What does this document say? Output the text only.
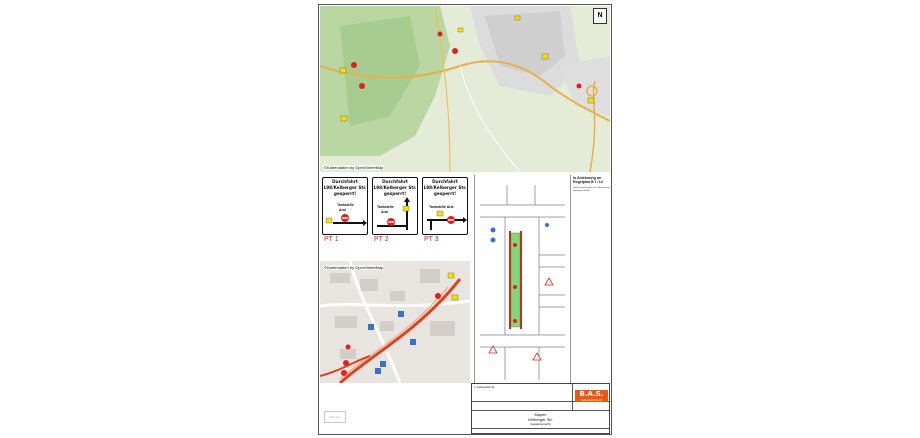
N
©Kartendaten by OpenStreetMap
Durchfahrt
L98/Kelberger Str.
gesperrt!
Tankstelle
Aral
Durchfahrt
L98/Kelberger Str.
gesperrt!
Tankstelle
Aral
Durchfahrt
L98/Kelberger Str.
gesperrt!
Tankstelle Aral
PT 1	PT 2	PT 3
©Kartendaten by OpenStreetMap
In Anlehnung an Regelplan B I / 14
Verkehrszeichenplan für Vollsperrung Kelberger Straße
Stempel
B.A.S.
Verkehrstechnik AG
1. Ausbauabschnitt
Mayen
Kelberger Str.
Gesamtansicht
